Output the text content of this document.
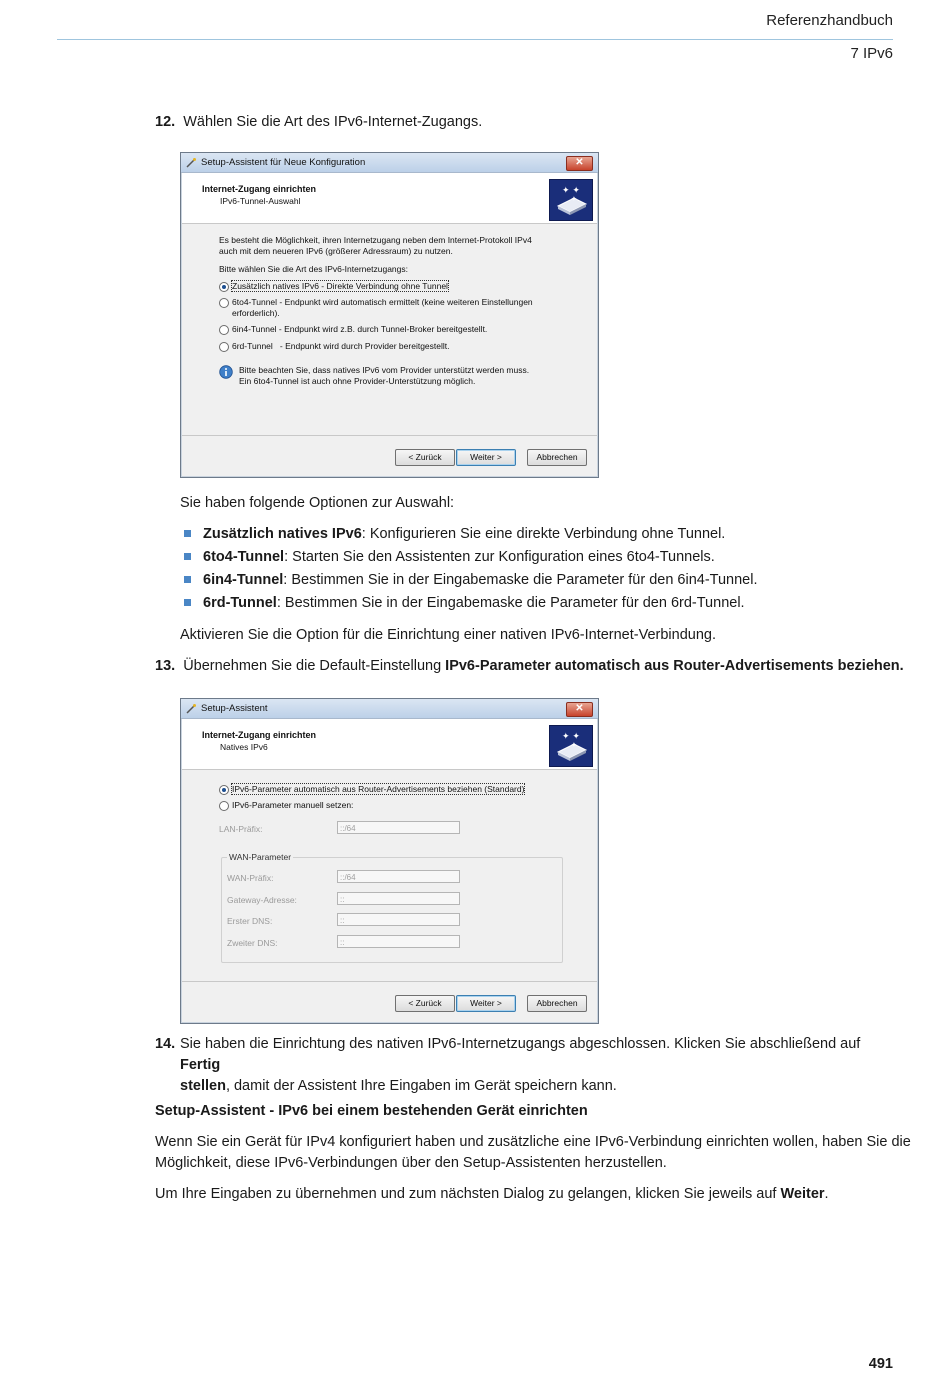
Referenzhandbuch
7 IPv6
12. Wählen Sie die Art des IPv6-Internet-Zugangs.
Setup-Assistent für Neue Konfiguration	✕
Internet-Zugang einrichten
IPv6-Tunnel-Auswahl
✦ ✦
✦
Es besteht die Möglichkeit, ihren Internetzugang neben dem Internet-Protokoll IPv4
auch mit dem neueren IPv6 (größerer Adressraum) zu nutzen.
Bitte wählen Sie die Art des IPv6-Internetzugangs:
Zusätzlich natives IPv6 - Direkte Verbindung ohne Tunnel
6to4-Tunnel - Endpunkt wird automatisch ermittelt (keine weiteren Einstellungen
erforderlich).
6in4-Tunnel - Endpunkt wird z.B. durch Tunnel-Broker bereitgestellt.
6rd-Tunnel   - Endpunkt wird durch Provider bereitgestellt.
Bitte beachten Sie, dass natives IPv6 vom Provider unterstützt werden muss.
Ein 6to4-Tunnel ist auch ohne Provider-Unterstützung möglich.
< Zurück	Weiter >	Abbrechen
Sie haben folgende Optionen zur Auswahl:
Zusätzlich natives IPv6: Konfigurieren Sie eine direkte Verbindung ohne Tunnel.
6to4-Tunnel: Starten Sie den Assistenten zur Konfiguration eines 6to4-Tunnels.
6in4-Tunnel: Bestimmen Sie in der Eingabemaske die Parameter für den 6in4-Tunnel.
6rd-Tunnel: Bestimmen Sie in der Eingabemaske die Parameter für den 6rd-Tunnel.
Aktivieren Sie die Option für die Einrichtung einer nativen IPv6-Internet-Verbindung.
13. Übernehmen Sie die Default-Einstellung IPv6-Parameter automatisch aus Router-Advertisements beziehen.
Setup-Assistent	✕
Internet-Zugang einrichten
Natives IPv6
✦ ✦
✦
IPv6-Parameter automatisch aus Router-Advertisements beziehen (Standard)
IPv6-Parameter manuell setzen:
LAN-Präfix:	::/64
WAN-Parameter
WAN-Präfix:	::/64
Gateway-Adresse:	::
Erster DNS:	::
Zweiter DNS:	::
< Zurück	Weiter >	Abbrechen
14. Sie haben die Einrichtung des nativen IPv6-Internetzugangs abgeschlossen. Klicken Sie abschließend auf Fertig
stellen, damit der Assistent Ihre Eingaben im Gerät speichern kann.
Setup-Assistent - IPv6 bei einem bestehenden Gerät einrichten
Wenn Sie ein Gerät für IPv4 konfiguriert haben und zusätzliche eine IPv6-Verbindung einrichten wollen, haben Sie die
Möglichkeit, diese IPv6-Verbindungen über den Setup-Assistenten herzustellen.
Um Ihre Eingaben zu übernehmen und zum nächsten Dialog zu gelangen, klicken Sie jeweils auf Weiter.
491
